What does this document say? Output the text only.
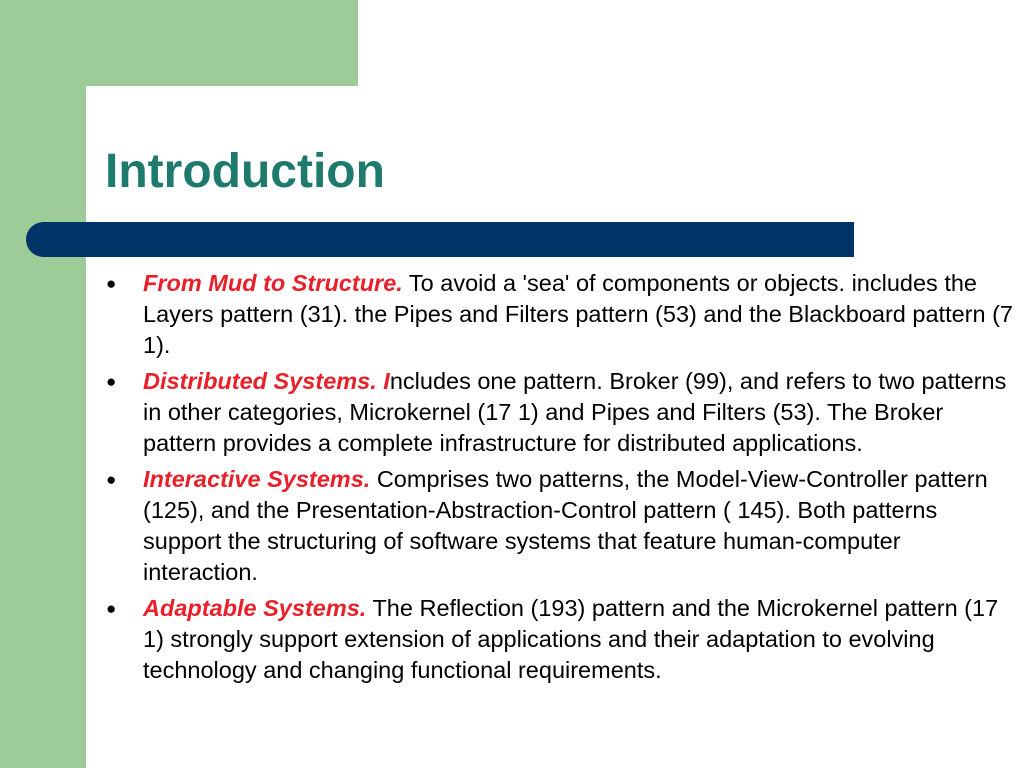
Introduction
● From Mud to Structure. To avoid a 'sea' of components or objects. includes the Layers pattern (31). the Pipes and Filters pattern (53) and the Blackboard pattern (7 1).
● Distributed Systems. Includes one pattern. Broker (99), and refers to two patterns in other categories, Microkernel (17 1) and Pipes and Filters (53). The Broker pattern provides a complete infrastructure for distributed applications.
● Interactive Systems. Comprises two patterns, the Model-View-Controller pattern (125), and the Presentation-Abstraction-Control pattern ( 145). Both patterns support the structuring of software systems that feature human-computer interaction.
● Adaptable Systems. The Reflection (193) pattern and the Microkernel pattern (17 1) strongly support extension of applications and their adaptation to evolving technology and changing functional requirements.
